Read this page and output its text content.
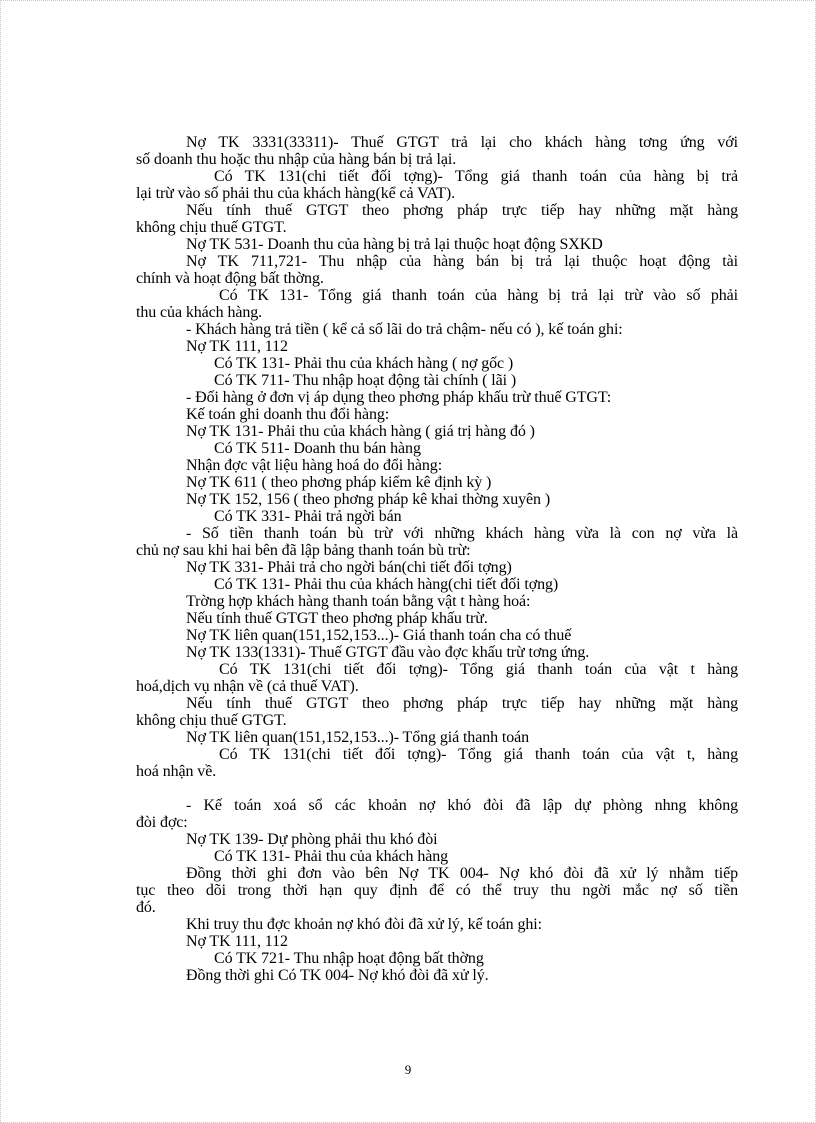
Nợ TK 3331(33311)- Thuế GTGT trả lại cho khách hàng tơng ứng với
số doanh thu hoặc thu nhập của hàng bán bị trả lại.
Có TK 131(chi tiết đối tợng)- Tổng giá thanh toán của hàng bị trả
lại trừ vào số phải thu của khách hàng(kể cả VAT).
Nếu tính thuế GTGT theo phơng pháp trực tiếp hay những mặt hàng
không chịu thuế GTGT.
Nợ TK 531- Doanh thu của hàng bị trả lại thuộc hoạt động SXKD
Nợ TK 711,721- Thu nhập của hàng bán bị trả lại thuộc hoạt động tài
chính và hoạt động bất thờng.
Có TK 131- Tổng giá thanh toán của hàng bị trả lại trừ vào số phải
thu của khách hàng.
- Khách hàng trả tiền ( kể cả số lãi do trả chậm- nếu có ), kế toán ghi:
Nợ TK 111, 112
Có TK 131- Phải thu của khách hàng ( nợ gốc )
Có TK 711- Thu nhập hoạt động tài chính ( lãi )
- Đối hàng ở đơn vị áp dụng theo phơng pháp khấu trừ thuế GTGT:
Kế toán ghi doanh thu đổi hàng:
Nợ TK 131- Phải thu của khách hàng ( giá trị hàng đó )
Có TK 511- Doanh thu bán hàng
Nhận đợc vật liệu hàng hoá do đổi hàng:
Nợ TK 611 ( theo phơng pháp kiểm kê định kỳ )
Nợ TK 152, 156 ( theo phơng pháp kê khai thờng xuyên )
Có TK 331- Phải trả ngời bán
- Số tiền thanh toán bù trừ với những khách hàng vừa là con nợ vừa là
chủ nợ sau khi hai bên đã lập bảng thanh toán bù trừ:
Nợ TK 331- Phải trả cho ngời bán(chi tiết đối tợng)
Có TK 131- Phải thu của khách hàng(chi tiết đối tợng)
Trờng hợp khách hàng thanh toán bằng vật t hàng hoá:
Nếu tính thuế GTGT theo phơng pháp khấu trừ.
Nợ TK liên quan(151,152,153...)- Giá thanh toán cha có thuế
Nợ TK 133(1331)- Thuế GTGT đầu vào đợc khấu trừ tơng ứng.
Có TK 131(chi tiết đối tợng)- Tổng giá thanh toán của vật t hàng
hoá,dịch vụ nhận về (cả thuế VAT).
Nếu tính thuế GTGT theo phơng pháp trực tiếp hay những mặt hàng
không chịu thuế GTGT.
Nợ TK liên quan(151,152,153...)- Tổng giá thanh toán
Có TK 131(chi tiết đối tợng)- Tổng giá thanh toán của vật t, hàng
hoá nhận về.
- Kế toán xoá sổ các khoản nợ khó đòi đã lập dự phòng nhng không
đòi đợc:
Nợ TK 139- Dự phòng phải thu khó đòi
Có TK 131- Phải thu của khách hàng
Đồng thời ghi đơn vào bên Nợ TK 004- Nợ khó đòi đã xử lý nhằm tiếp
tục theo dõi trong thời hạn quy định để có thể truy thu ngời mắc nợ số tiền
đó.
Khi truy thu đợc khoản nợ khó đòi đã xử lý, kế toán ghi:
Nợ TK 111, 112
Có TK 721- Thu nhập hoạt động bất thờng
Đồng thời ghi Có TK 004- Nợ khó đòi đã xử lý.
9
